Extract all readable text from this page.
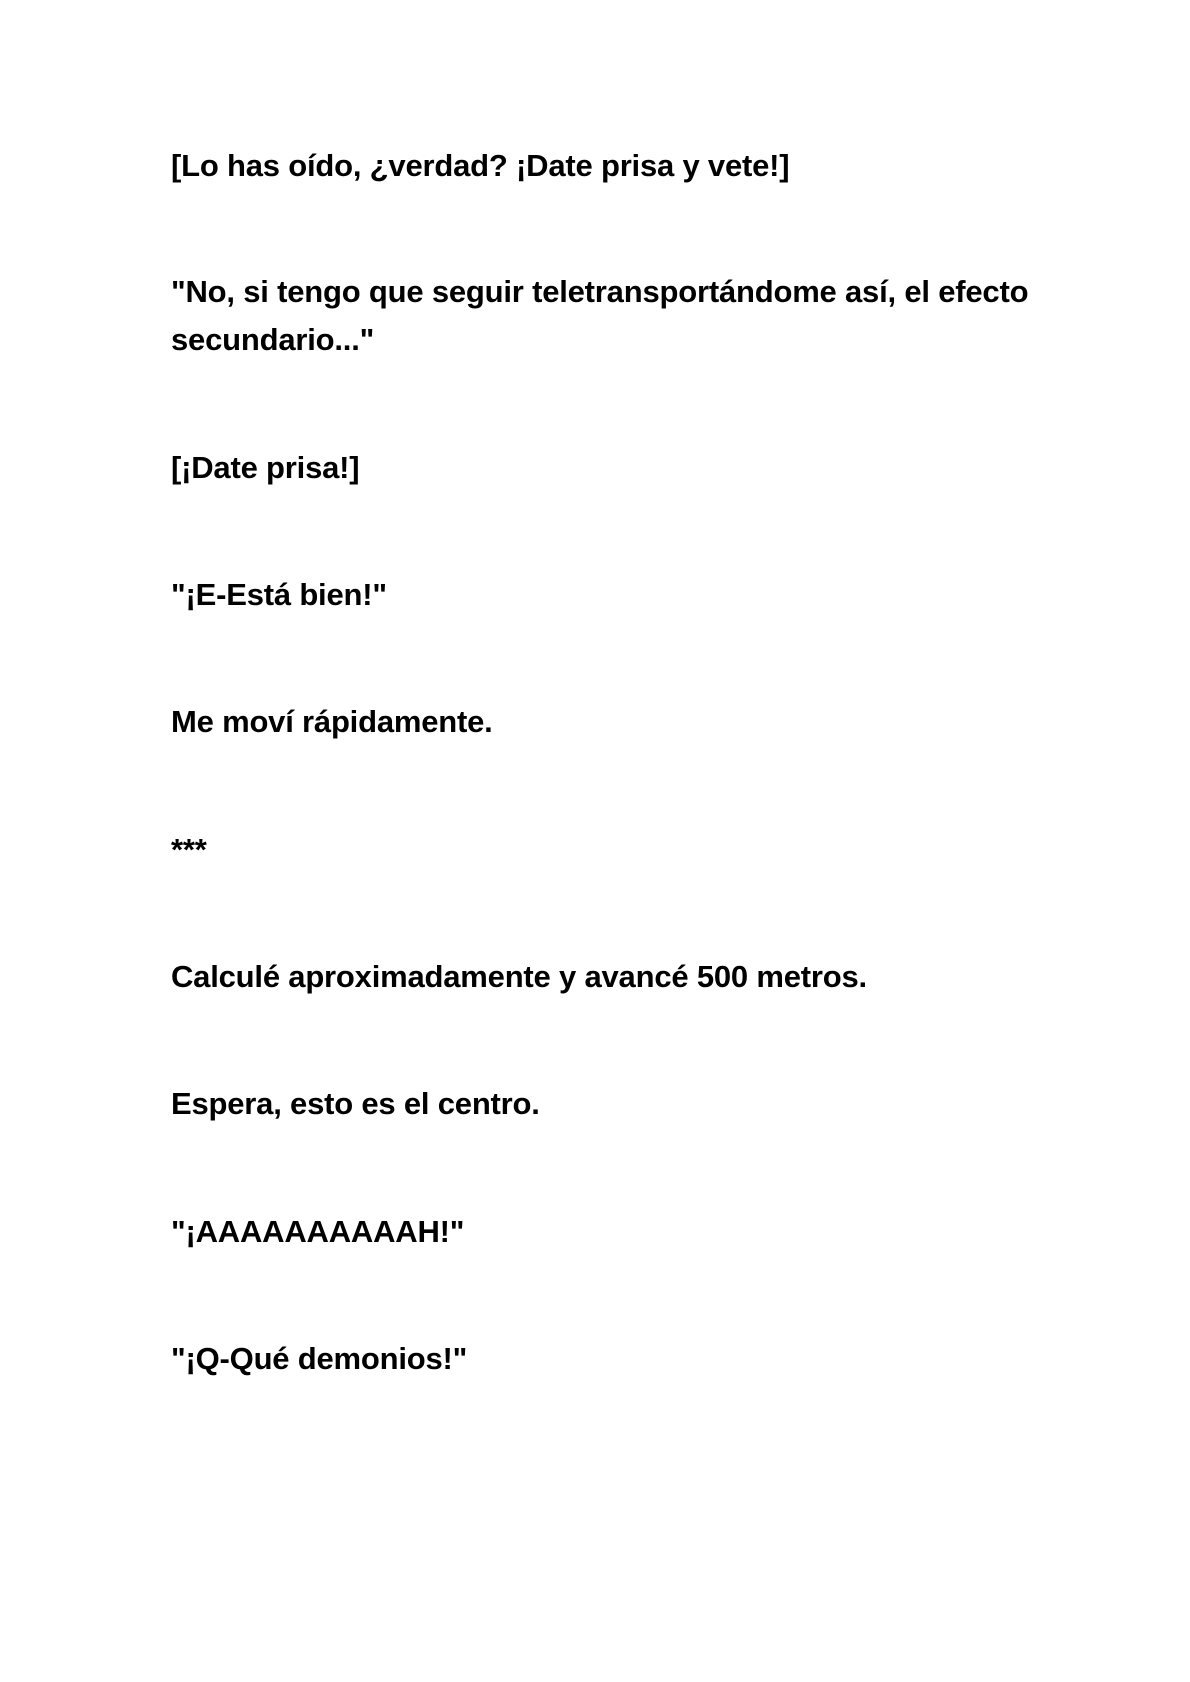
[Lo has oído, ¿verdad? ¡Date prisa y vete!]

"No, si tengo que seguir teletransportándome así, el efecto secundario..."

[¡Date prisa!]

"¡E-Está bien!"

Me moví rápidamente.

***

Calculé aproximadamente y avancé 500 metros.

Espera, esto es el centro.

"¡AAAAAAAAAAH!"

"¡Q-Qué demonios!"
